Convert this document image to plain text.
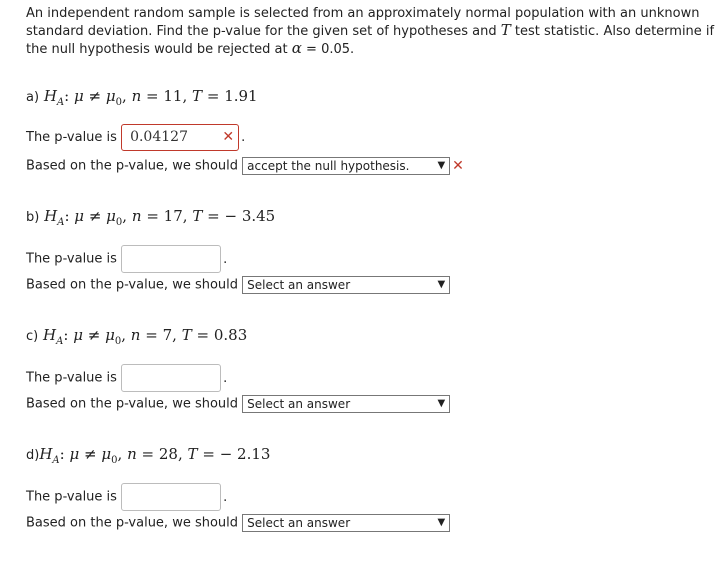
An independent random sample is selected from an approximately normal population with an unknown
standard deviation. Find the p-value for the given set of hypotheses and T test statistic. Also determine if
the null hypothesis would be rejected at α = 0.05.
a) $H_A$: $\mu \ne \mu_0$, n = 11, T = 1.91
The p-value is 0.04127 ✕ .
Based on the p-value, we should accept the null hypothesis.	▼ ✕
b) $H_A$: $\mu \ne \mu_0$, n = 17, T = − 3.45
The p-value is	.
Based on the p-value, we should Select an answer	▼
c) $H_A$: $\mu \ne \mu_0$, n = 7, T = 0.83
The p-value is	.
Based on the p-value, we should Select an answer	▼
$d)H_A$: $\mu \ne \mu_0$, n = 28, T = − 2.13
The p-value is	.
Based on the p-value, we should Select an answer	▼
